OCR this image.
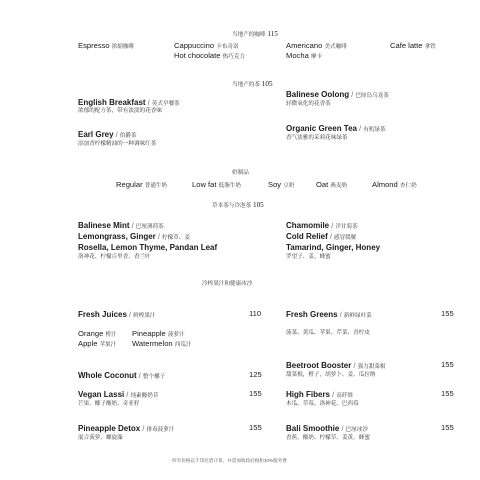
当地产的咖啡 115
Espresso 浓缩咖啡	Cappuccino 卡布奇诺	Americano 美式咖啡	Cafe latte 拿铁
Hot chocolate 热巧克力	Mocha 摩卡
当地产的茶 105
English Breakfast / 英式早餐茶
浓郁的配方茶，带有淡淡的花香味
Earl Grey / 伯爵茶
添加香柠檬精油的一种调味红茶
Balinese Oolong / 巴厘岛乌龙茶
轻微氧化的花香茶
Organic Green Tea / 有机绿茶
香气淡雅的茉莉花味绿茶
奶制品
Regular 普通牛奶	Low fat 低脂牛奶	Soy 豆奶	Oat 燕麦奶	Almond 杏仁奶
草本茶与冷泡茶 105
Balinese Mint / 巴厘薄荷茶
Lemongrass, Ginger / 柠檬草、姜
Rosella, Lemon Thyme, Pandan Leaf
洛神花、柠檬百里香、香兰叶
Chamomile / 洋甘菊茶
Cold Relief / 感冒缓解
Tamarind, Ginger, Honey
罗望子、姜、蜂蜜
冷榨果汁和健康冰沙
Fresh Juices / 鲜榨果汁	110
Orange 橙汁 Pineapple 菠萝汁
Apple 苹果汁 Watermelon 西瓜汁
Fresh Greens / 新鲜绿叶菜	155
菠菜、黄瓜、苹果、芹菜、青柠皮
Whole Coconut / 整个椰子	125
Beetroot Booster / 强力甜菜根	155
甜菜根，橙子，胡萝卜、姜、瓜拉纳
Vegan Lassi / 纯素酸奶昔	155
芒果、椰子酸奶、奇亚籽
High Fibers / 高纤维	155
木瓜、草莓、洛神花、巴西莓
Pineapple Detox / 排毒菠萝汁	155
混合菠萝、螺旋藻
Bali Smoothie / 巴厘冰沙	155
香蕉、酸奶、柠檬草、姜黄、蜂蜜
所有价格以千印尼盾计算，并需加收政府税和10%服务费
